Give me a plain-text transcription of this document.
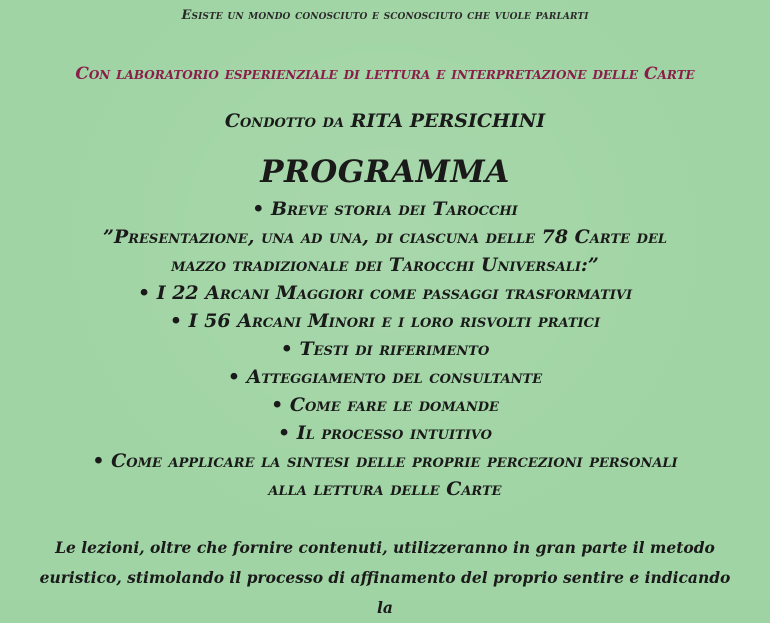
Esiste un mondo conosciuto e sconosciuto che vuole parlarti
Con laboratorio esperienziale di lettura e interpretazione delle Carte
Condotto da RITA PERSICHINI
PROGRAMMA
• Breve storia dei Tarocchi
”Presentazione, una ad una, di ciascuna delle 78 Carte del
mazzo tradizionale dei Tarocchi Universali:”
• I 22 Arcani Maggiori come passaggi trasformativi
• I 56 Arcani Minori e i loro risvolti pratici
• Testi di riferimento
• Atteggiamento del consultante
• Come fare le domande
• Il processo intuitivo
• Come applicare la sintesi delle proprie percezioni personali
alla lettura delle Carte
Le lezioni, oltre che fornire contenuti, utilizzeranno in gran parte il metodo
euristico, stimolando il processo di affinamento del proprio sentire e indicando la
